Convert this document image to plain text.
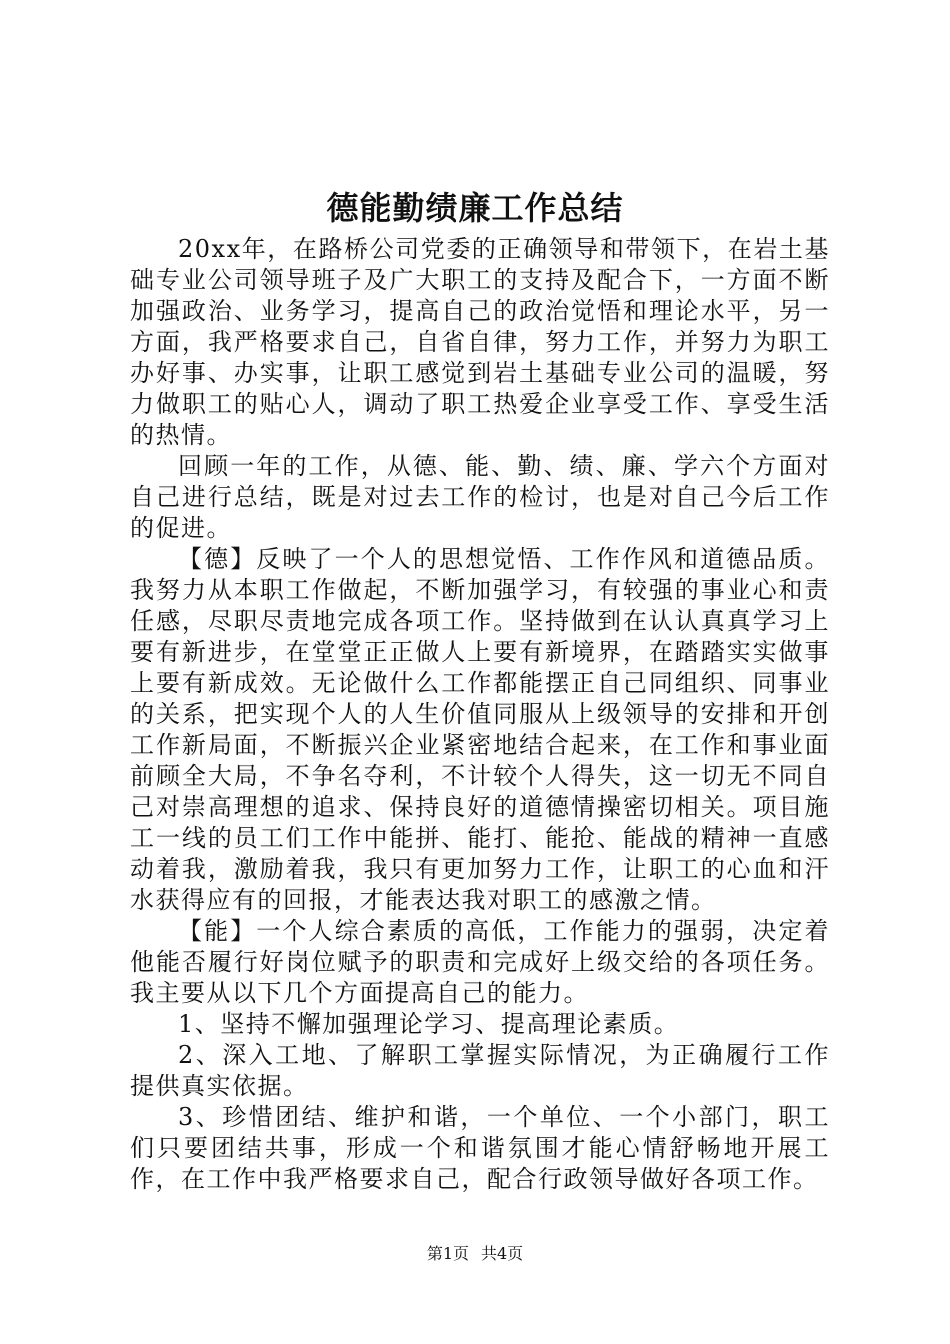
德能勤绩廉工作总结

20xx年，在路桥公司党委的正确领导和带领下，在岩土基础专业公司领导班子及广大职工的支持及配合下，一方面不断加强政治、业务学习，提高自己的政治觉悟和理论水平，另一方面，我严格要求自己，自省自律，努力工作，并努力为职工办好事、办实事，让职工感觉到岩土基础专业公司的温暖，努力做职工的贴心人，调动了职工热爱企业享受工作、享受生活的热情。

回顾一年的工作，从德、能、勤、绩、廉、学六个方面对自己进行总结，既是对过去工作的检讨，也是对自己今后工作的促进。

【德】反映了一个人的思想觉悟、工作作风和道德品质。我努力从本职工作做起，不断加强学习，有较强的事业心和责任感，尽职尽责地完成各项工作。坚持做到在认认真真学习上要有新进步，在堂堂正正做人上要有新境界，在踏踏实实做事上要有新成效。无论做什么工作都能摆正自己同组织、同事业的关系，把实现个人的人生价值同服从上级领导的安排和开创工作新局面，不断振兴企业紧密地结合起来，在工作和事业面前顾全大局，不争名夺利，不计较个人得失，这一切无不同自己对崇高理想的追求、保持良好的道德情操密切相关。项目施工一线的员工们工作中能拼、能打、能抢、能战的精神一直感动着我，激励着我，我只有更加努力工作，让职工的心血和汗水获得应有的回报，才能表达我对职工的感激之情。

【能】一个人综合素质的高低，工作能力的强弱，决定着他能否履行好岗位赋予的职责和完成好上级交给的各项任务。我主要从以下几个方面提高自己的能力。

1、坚持不懈加强理论学习、提高理论素质。

2、深入工地、了解职工掌握实际情况，为正确履行工作提供真实依据。

3、珍惜团结、维护和谐，一个单位、一个小部门，职工们只要团结共事，形成一个和谐氛围才能心情舒畅地开展工作，在工作中我严格要求自己，配合行政领导做好各项工作。

第1页 共4页
